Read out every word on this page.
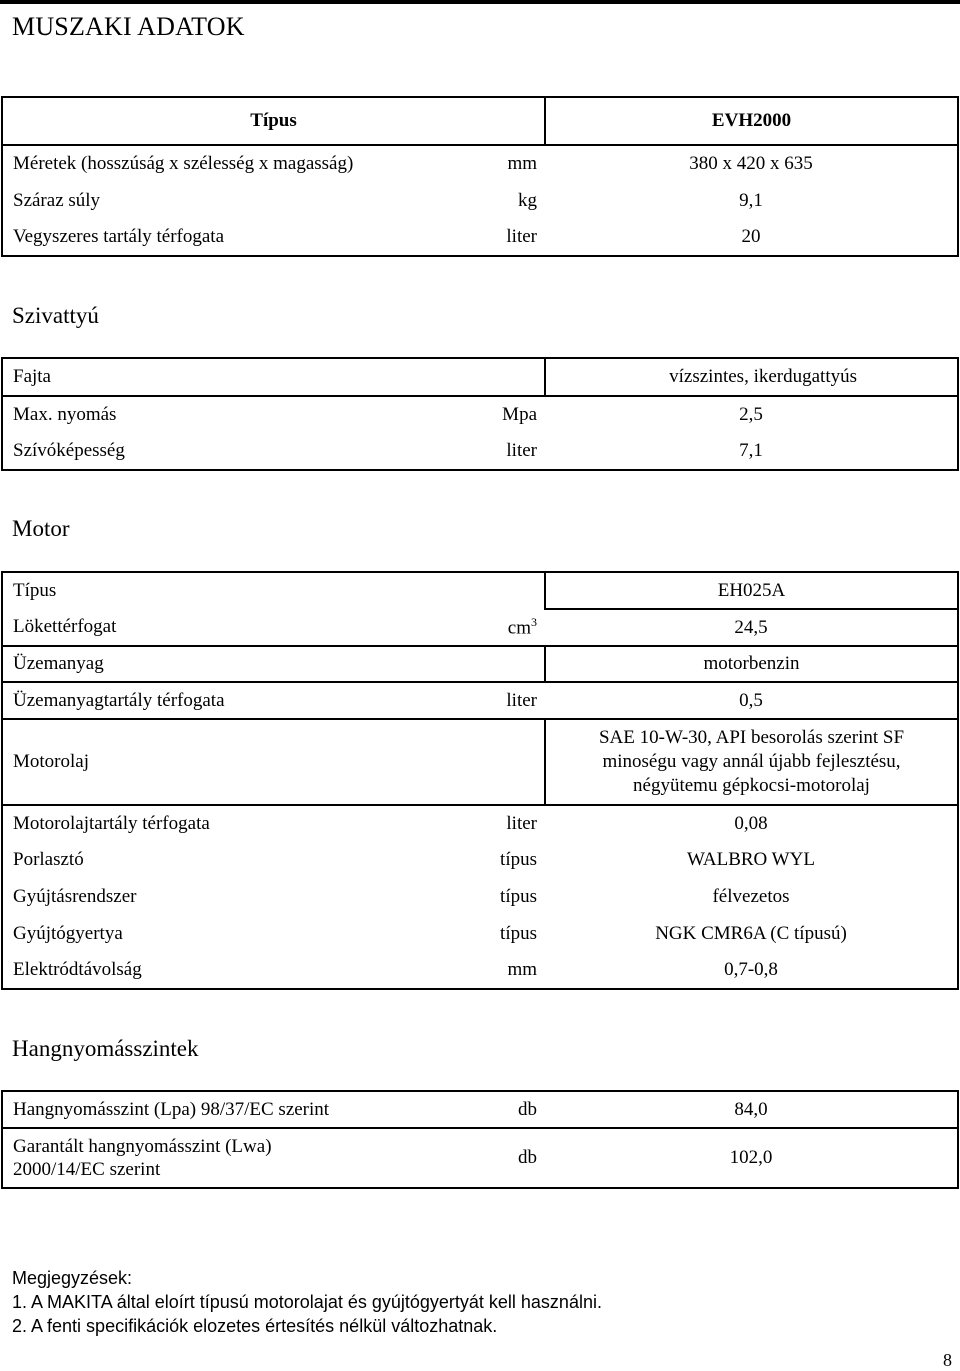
MUSZAKI ADATOK
Típus		EVH2000
Méretek (hosszúság x szélesség x magasság)	mm	380 x 420 x 635
Száraz súly	kg	9,1
Vegyszeres tartály térfogata	liter	20
Szivattyú
Fajta		vízszintes, ikerdugattyús
Max. nyomás	Mpa	2,5
Szívóképesség	liter	7,1
Motor
Típus		EH025A
Lökettérfogat	$cm^3$	24,5
Üzemanyag		motorbenzin
Üzemanyagtartály térfogata	liter	0,5
Motorolaj		SAE 10-W-30, API besorolás szerint SF
minoségu vagy annál újabb fejlesztésu,
négyütemu gépkocsi-motorolaj

Motorolajtartály térfogata	liter	0,08
Porlasztó	típus	WALBRO WYL
Gyújtásrendszer	típus	félvezetos
Gyújtógyertya	típus	NGK CMR6A (C típusú)
Elektródtávolság	mm	0,7-0,8
Hangnyomásszintek
Hangnyomásszint (Lpa) 98/37/EC szerint	db	84,0

Garantált hangnyomásszint (Lwa)
2000/14/EC szerint	db	102,0
Megjegyzések:
1. A MAKITA által eloírt típusú motorolajat és gyújtógyertyát kell használni.
2. A fenti specifikációk elozetes értesítés nélkül változhatnak.
8
